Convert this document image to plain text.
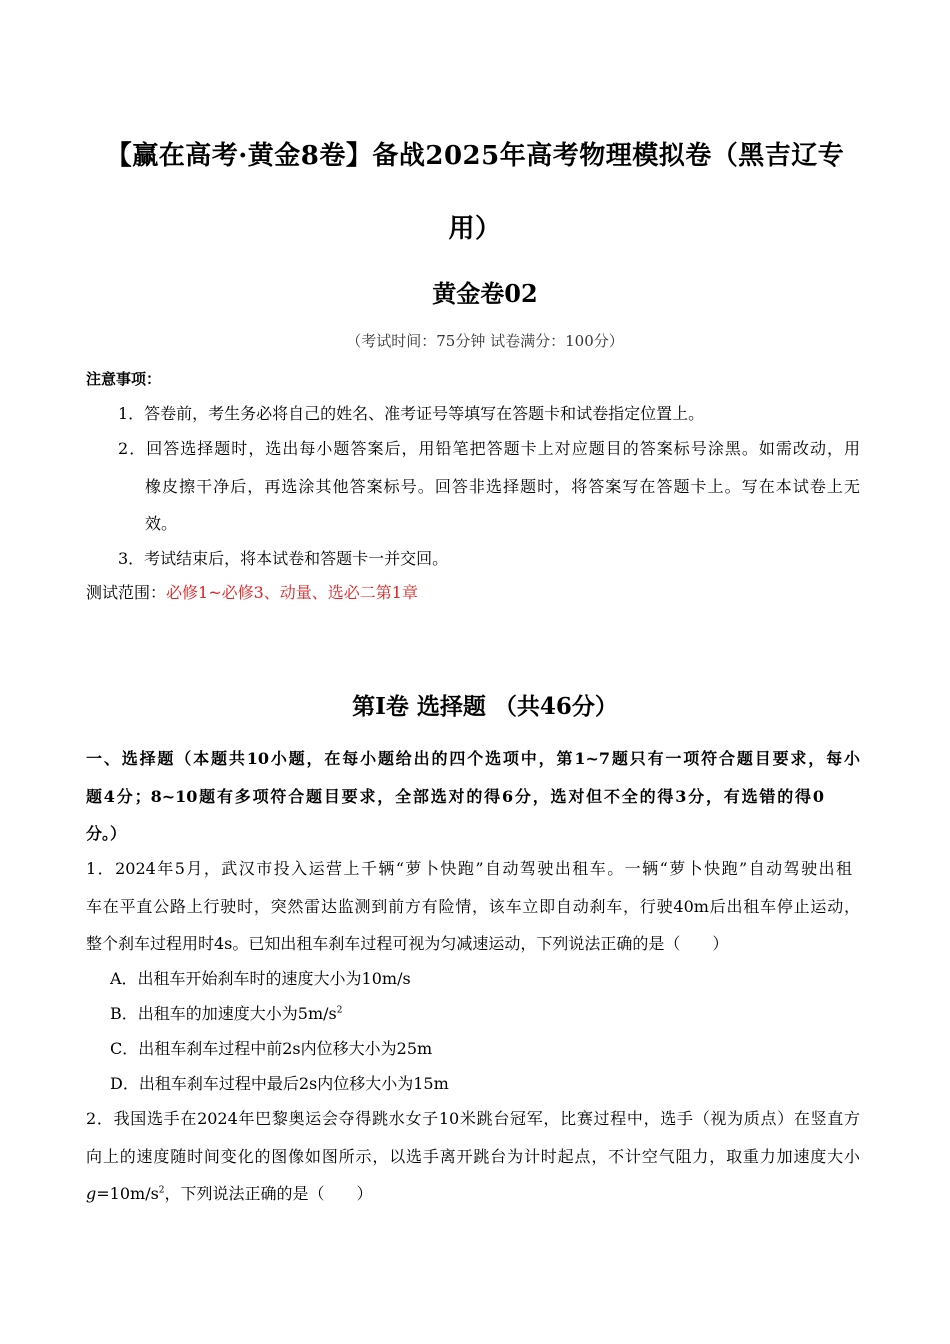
【赢在高考·黄金8卷】备战2025年高考物理模拟卷（黑吉辽专
用）
黄金卷02
（考试时间：75分钟 试卷满分：100分）
注意事项：
1．答卷前，考生务必将自己的姓名、准考证号等填写在答题卡和试卷指定位置上。
2．回答选择题时，选出每小题答案后，用铅笔把答题卡上对应题目的答案标号涂黑。如需改动，用
橡皮擦干净后，再选涂其他答案标号。回答非选择题时，将答案写在答题卡上。写在本试卷上无
效。
3．考试结束后，将本试卷和答题卡一并交回。
测试范围：必修1~必修3、动量、选必二第1章
第Ⅰ卷 选择题 （共46分）
一、选择题（本题共10小题，在每小题给出的四个选项中，第1~7题只有一项符合题目要求，每小
题4分；8~10题有多项符合题目要求，全部选对的得6分，选对但不全的得3分，有选错的得0
分。）
1．2024年5月，武汉市投入运营上千辆“萝卜快跑”自动驾驶出租车。一辆“萝卜快跑”自动驾驶出租
车在平直公路上行驶时，突然雷达监测到前方有险情，该车立即自动刹车，行驶40m后出租车停止运动，
整个刹车过程用时4s。已知出租车刹车过程可视为匀减速运动，下列说法正确的是（　　）
A．出租车开始刹车时的速度大小为10m/s
B．出租车的加速度大小为$5m/s^2$
C．出租车刹车过程中前2s内位移大小为25m
D．出租车刹车过程中最后2s内位移大小为15m
2．我国选手在2024年巴黎奥运会夺得跳水女子10米跳台冠军，比赛过程中，选手（视为质点）在竖直方
向上的速度随时间变化的图像如图所示，以选手离开跳台为计时起点，不计空气阻力，取重力加速度大小
$g=10m/s^2$，下列说法正确的是（　　）
